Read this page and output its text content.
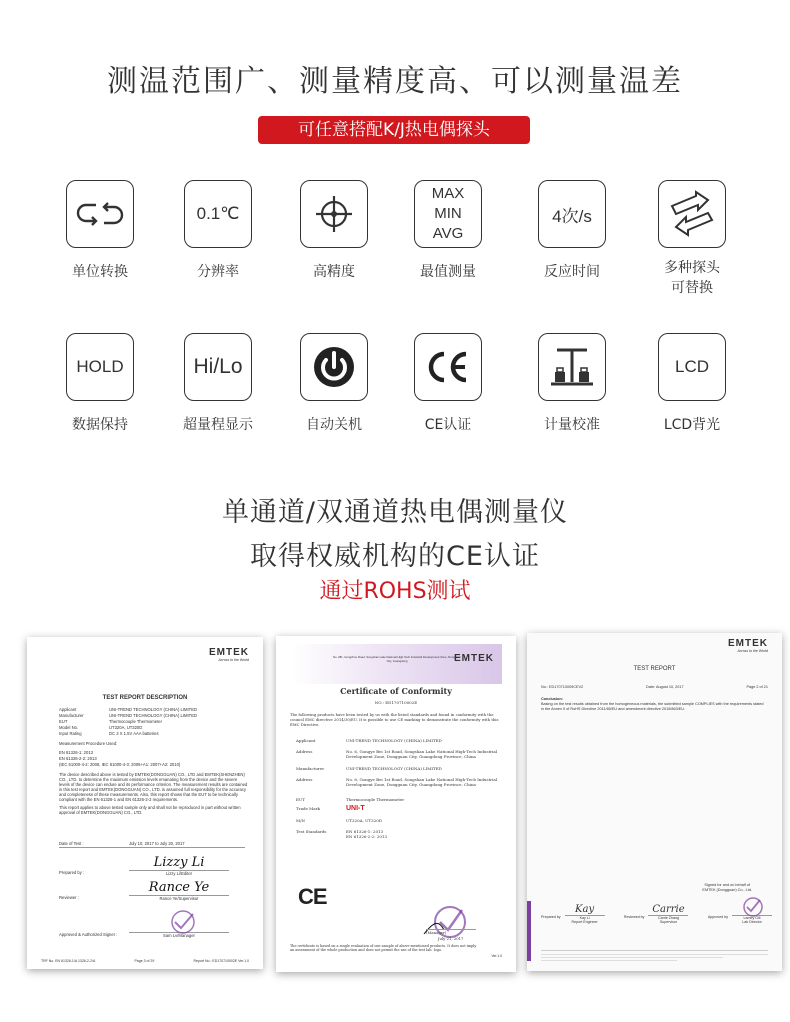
测温范围广、测量精度高、可以测量温差
可任意搭配K/J热电偶探头
单位转换
0.1℃
分辨率	高精度
MAX
MIN
AVG
最值测量
4次/s
反应时间	多种探头
可替换
HOLD
数据保持
Hi/Lo
超量程显示	自动关机	CE认证	计量校准
LCD
LCD背光
单通道/双通道热电偶测量仪
取得权威机构的CE认证
通过ROHS测试
EMTEK
Across to the World
TEST REPORT DESCRIPTION
Applicant	UNI-TREND TECHNOLOGY (CHINA) LIMITED
Manufacturer	UNI-TREND TECHNOLOGY (CHINA) LIMITED
EUT	Thermocouple Thermometer
Model No.	UT320A, UT320D
Input Rating	DC 3 X 1.5V AAA batteries
Measurement Procedure Used:
EN 61326-1: 2013
EN 61326-2-2: 2013
(IEC 61000-4-2: 2008, IEC 61000-4-3: 2006+A1: 2007+A2: 2010)
The device described above is tested by EMTEK(DONGGUAN) CO., LTD and EMTEK(SHENZHEN) CO., LTD. to determine the maximum emission levels emanating from the device and the severe levels of the device can endure and its performance criterion. The measurement results are contained in this test report and EMTEK(DONGGUAN) CO., LTD. is assumed full responsibility for the accuracy and completeness of these measurements. Also, this report shows that the EUT to be technically compliant with the EN 61326-1 and EN 61326-2-2 requirements.
This report applies to above tested sample only and shall not be reproduced in part without written approval of EMTEK(DONGGUAN) CO., LTD.
Date of Test :	July 10, 2017 to July 20, 2017
Prepared by :
Lizzy Li
Lizzy Li/Editor
Reviewer :
Rance Ye
Rance Ye/Supervisor
Approved & Authorized Signer :	Sam Lv/Manager
TRF No. EN 61326-1/A 1326-2-2/A	Page 3 of 29	Report No.: ED170710002E Ver.1.0
EMTEK
No. 281, Gongzhou Road, Songshan Lake National High-Tech Industrial Development Zone, Dongguan City, Guangdong
Certificate of Conformity
NO.: ED170710002E
The following products have been tested by us with the listed standards and found in conformity with the council EMC directive 2014/30/EU. It is possible to use CE marking to demonstrate the conformity with this EMC Directive.
Applicant	UNI-TREND TECHNOLOGY (CHINA) LIMITED
Address	No. 6, Gongye Bei 1st Road, Songshan Lake National High-Tech Industrial Development Zone, Dongguan City, Guangdong Province, China
Manufacturer	UNI-TREND TECHNOLOGY (CHINA) LIMITED
Address	No. 6, Gongye Bei 1st Road, Songshan Lake National High-Tech Industrial Development Zone, Dongguan City, Guangdong Province, China
EUT	Thermocouple Thermometer
Trade Mark	UNI-T
M/N	UT320A, UT320D
Test Standards	EN 61326-1: 2013
EN 61326-2-2: 2013
CE
(Manager)
July 21, 2017
The certificate is based on a single evaluation of one sample of above-mentioned products. It does not imply an assessment of the whole production and does not permit the use of the test lab. logo.
Ver.1.0
EMTEK
Across to the World
TEST REPORT
No.: ED170710009CEV2	Date: August 10, 2017	Page 2 of 21
Conclusion:
Basing on the test results obtained from the homogeneous materials, the submitted sample COMPLIES with the requirements stated in the Annex II of RoHS Directive 2011/65/EU and amendment directive 2015/863/EU.
Signed for and on behalf of
EMTEK (Dongguan) Co., Ltd.
Prepared by
Kay
Kay Li
Report Engineer
Reviewed by
Carrie
Carrie Zhang
Supervisor
Approved by	Lamey Gill
Lab Director
